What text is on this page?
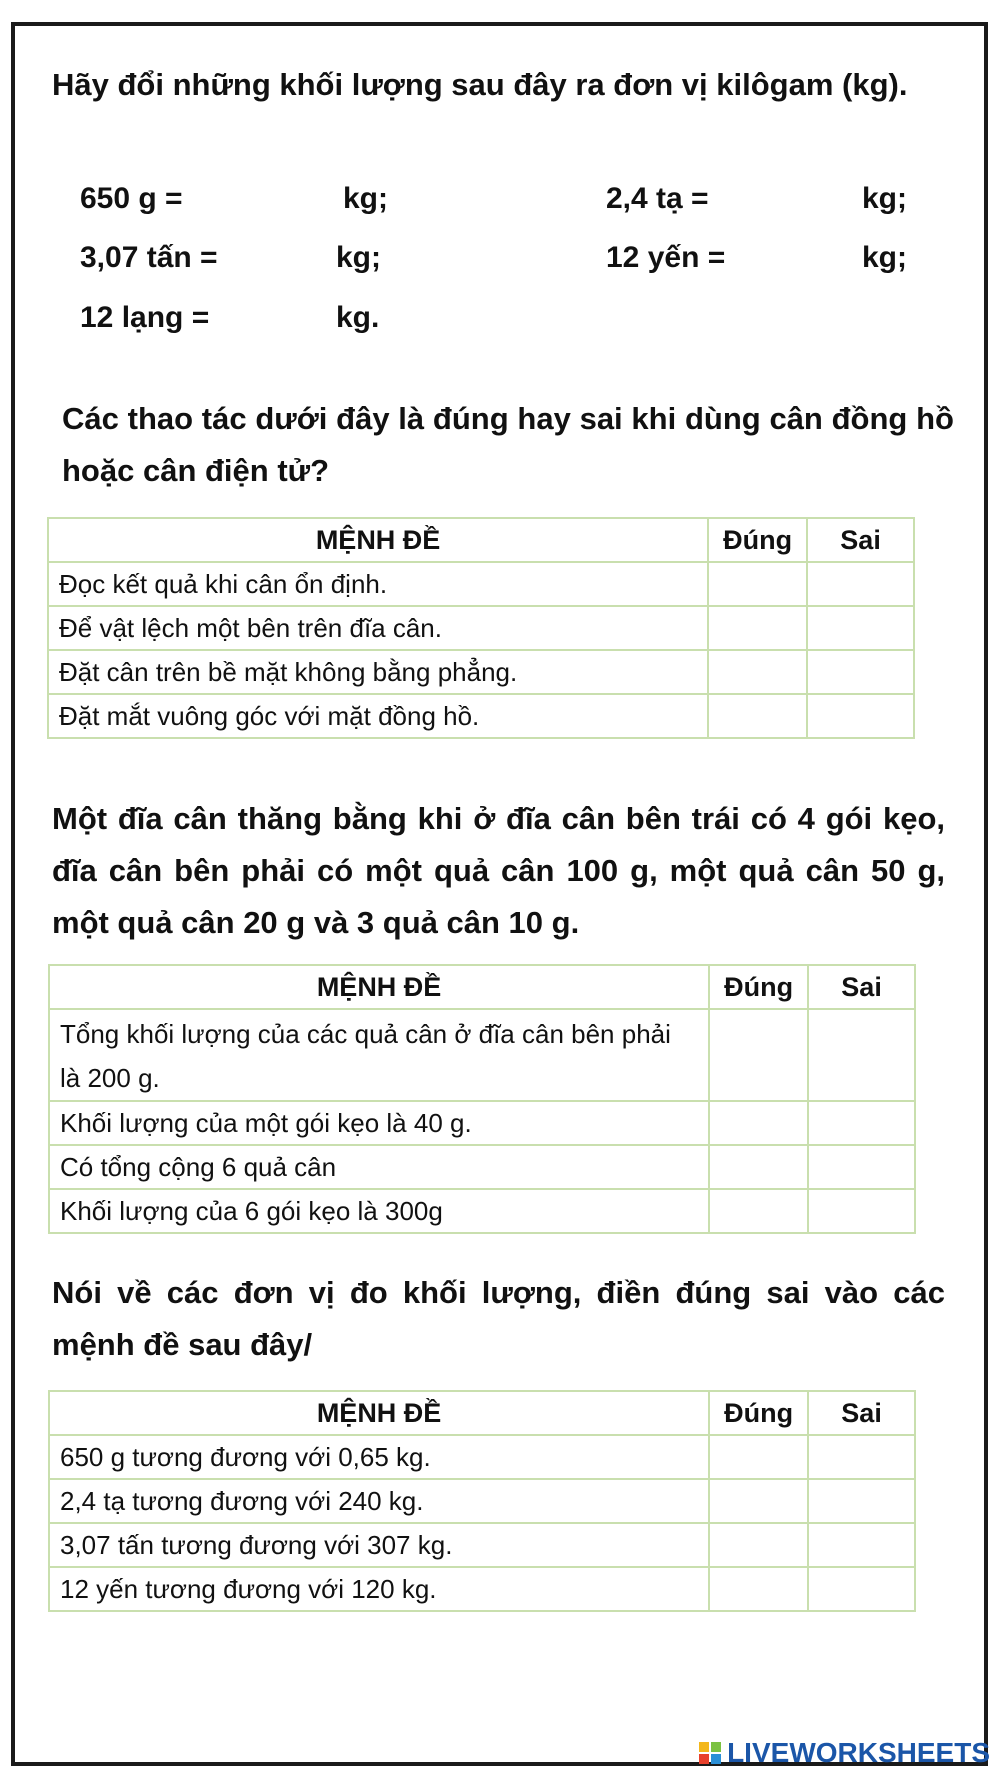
Hãy đổi những khối lượng sau đây ra đơn vị kilôgam (kg).
650 g =	kg;	2,4 tạ =	kg;
3,07 tấn =	kg;	12 yến =	kg;
12 lạng =	kg.
Các thao tác dưới đây là đúng hay sai khi dùng cân đồng hồ hoặc cân điện tử?
MỆNH ĐỀ	Đúng	Sai
Đọc kết quả khi cân ổn định.		
Để vật lệch một bên trên đĩa cân.		
Đặt cân trên bề mặt không bằng phẳng.		
Đặt mắt vuông góc với mặt đồng hồ.		
Một đĩa cân thăng bằng khi ở đĩa cân bên trái có 4 gói kẹo, đĩa cân bên phải có một quả cân 100 g, một quả cân 50 g, một quả cân 20 g và 3 quả cân 10 g.
MỆNH ĐỀ	Đúng	Sai
Tổng khối lượng của các quả cân ở đĩa cân bên phải là 200 g.		
Khối lượng của một gói kẹo là 40 g.		
Có tổng cộng 6 quả cân		
Khối lượng của 6 gói kẹo là 300g		
Nói về các đơn vị đo khối lượng, điền đúng sai vào các mệnh đề sau đây/
MỆNH ĐỀ	Đúng	Sai
650 g tương đương với 0,65 kg.		
2,4 tạ tương đương với 240 kg.		
3,07 tấn tương đương với 307 kg.		
12 yến tương đương với 120 kg.		
LIVEWORKSHEETS
